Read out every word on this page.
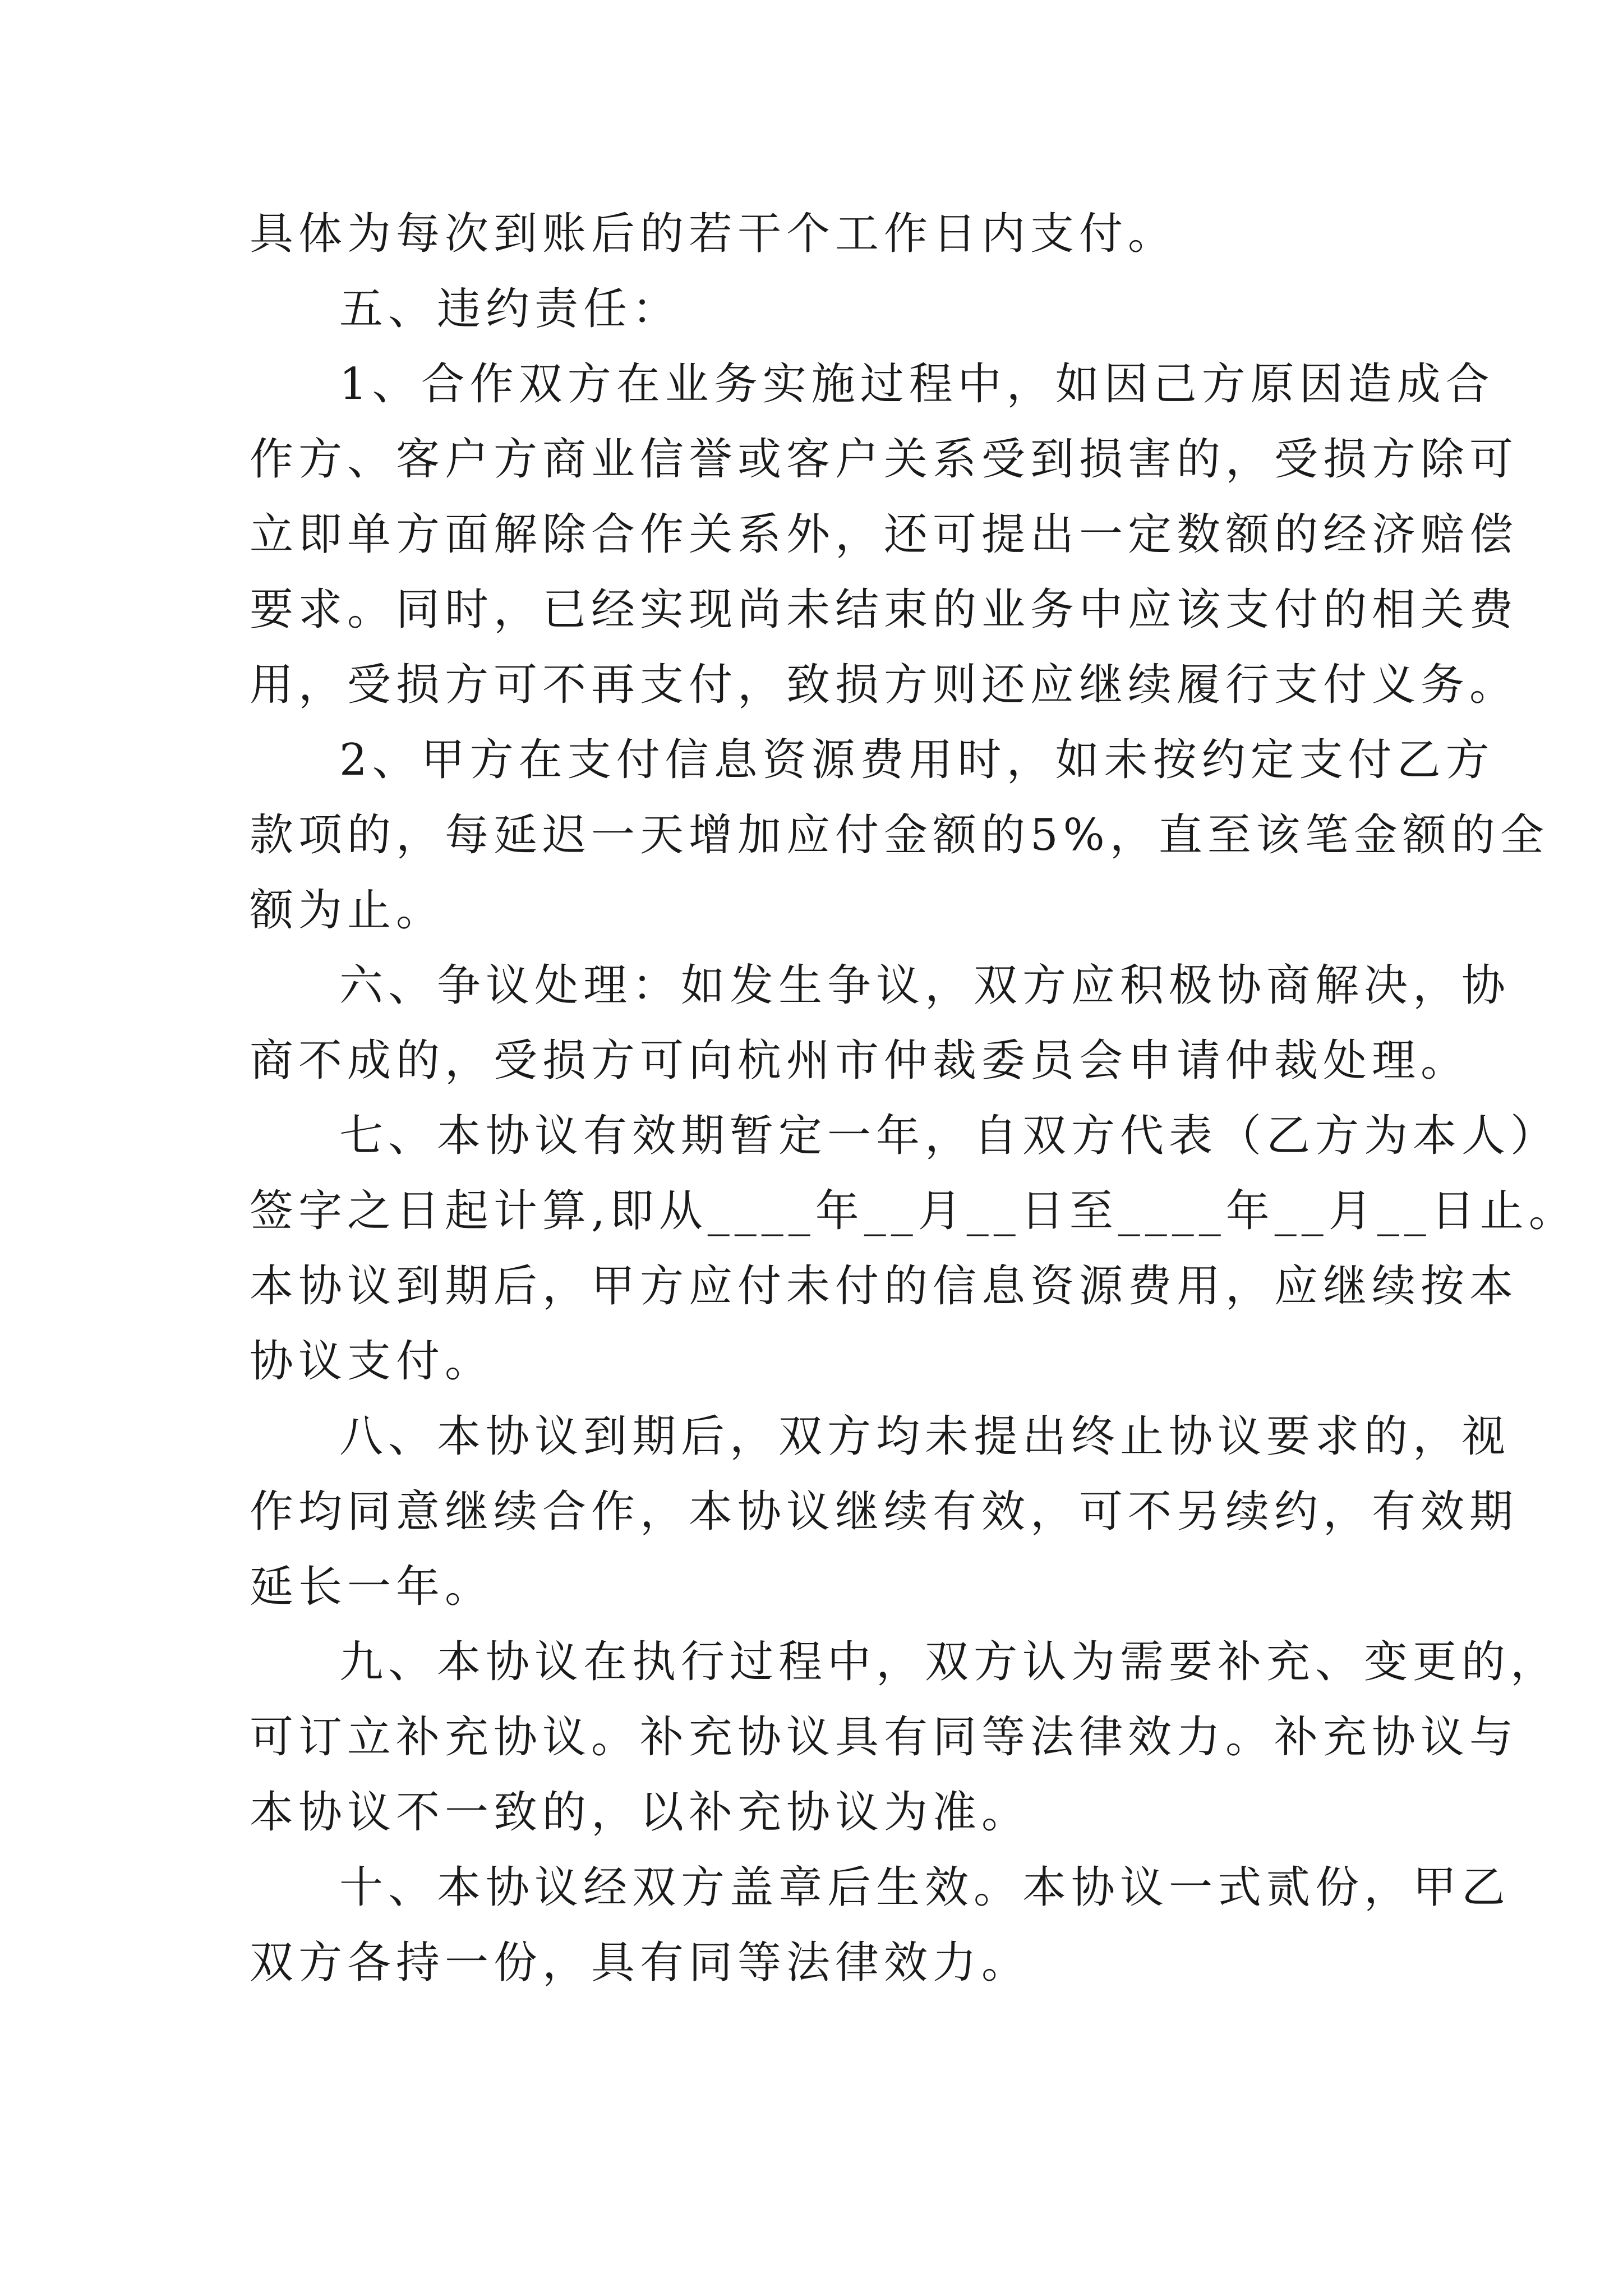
具体为每次到账后的若干个工作日内支付。
五、违约责任：
1、合作双方在业务实施过程中，如因己方原因造成合
作方、客户方商业信誉或客户关系受到损害的，受损方除可
立即单方面解除合作关系外，还可提出一定数额的经济赔偿
要求。同时，已经实现尚未结束的业务中应该支付的相关费
用，受损方可不再支付，致损方则还应继续履行支付义务。
2、甲方在支付信息资源费用时，如未按约定支付乙方
款项的，每延迟一天增加应付金额的5%，直至该笔金额的全
额为止。
六、争议处理：如发生争议，双方应积极协商解决，协
商不成的，受损方可向杭州市仲裁委员会申请仲裁处理。
七、本协议有效期暂定一年，自双方代表（乙方为本人）
签字之日起计算,即从____年__月__日至____年__月__日止。
本协议到期后，甲方应付未付的信息资源费用，应继续按本
协议支付。
八、本协议到期后，双方均未提出终止协议要求的，视
作均同意继续合作，本协议继续有效，可不另续约，有效期
延长一年。
九、本协议在执行过程中，双方认为需要补充、变更的，
可订立补充协议。补充协议具有同等法律效力。补充协议与
本协议不一致的，以补充协议为准。
十、本协议经双方盖章后生效。本协议一式贰份，甲乙
双方各持一份，具有同等法律效力。
